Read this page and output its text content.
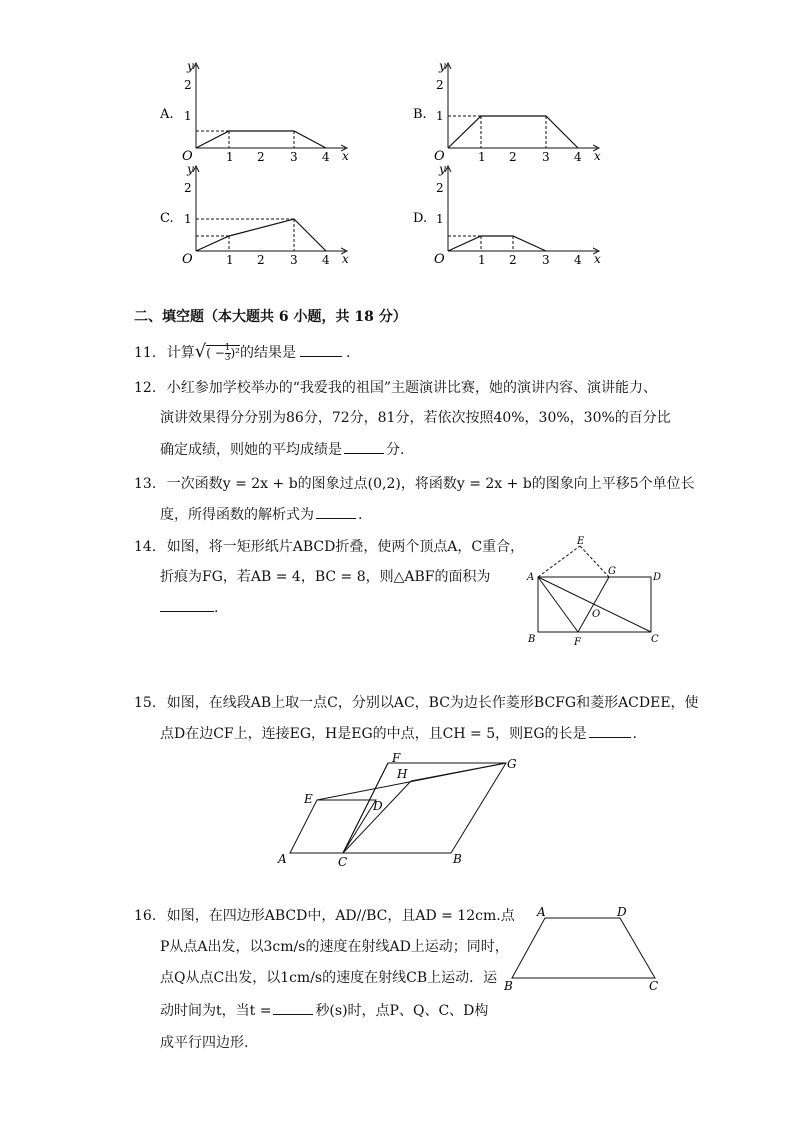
A.
y
x
O
1
2
1 2 3 4
B.
y
x
O
1
2
1 2 3 4
C.
y
x
O
1
2
1 2 3 4
D.
y
x
O
1
2
1 2 3 4
二、填空题（本大题共 6 小题，共 18 分）
11. 计算√( − $\frac{1}{3} )^2$的结果是	.
12. 小红参加学校举办的“我爱我的祖国”主题演讲比赛，她的演讲内容、演讲能力、
演讲效果得分分别为86分，72分，81分，若依次按照40%，30%，30%的百分比
确定成绩，则她的平均成绩是	分.
13. 一次函数y = 2x + b的图象过点(0,2)，将函数y = 2x + b的图象向上平移5个单位长
度，所得函数的解析式为	.
14. 如图，将一矩形纸片ABCD折叠，使两个顶点A，C重合，
折痕为FG，若AB = 4，BC = 8，则△ABF的面积为
.
A
B	C
D
E
F
G
O
15. 如图，在线段AB上取一点C，分别以AC，BC为边长作菱形BCFG和菱形ACDEE，使
点D在边CF上，连接EG，H是EG的中点，且CH = 5，则EG的长是	.
A	B
C
D
E
F	G
H
16. 如图，在四边形ABCD中，AD//BC，且AD = 12cm.点
P从点A出发，以3cm/s的速度在射线AD上运动；同时，
点Q从点C出发，以1cm/s的速度在射线CB上运动．运
动时间为t，当t =	秒(s)时，点P、Q、C、D构
成平行四边形.
A	D
B	C
